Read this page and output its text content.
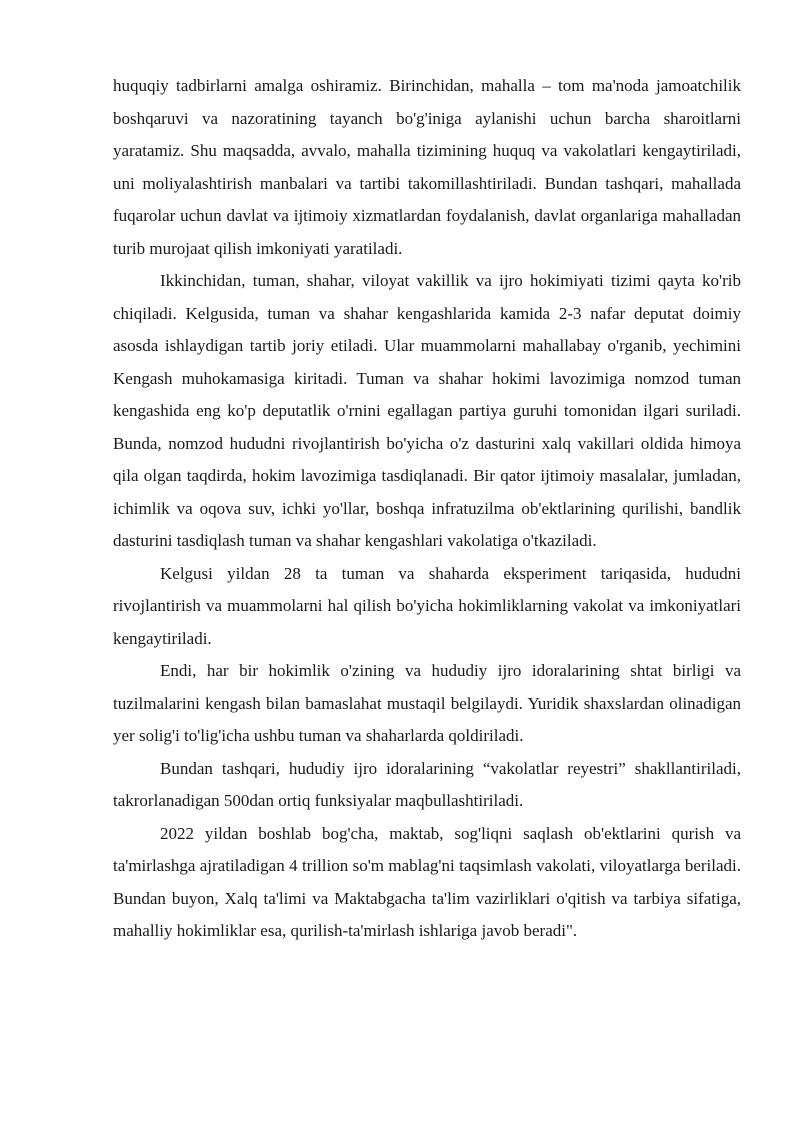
huquqiy tadbirlarni amalga oshiramiz. Birinchidan, mahalla – tom ma'noda jamoatchilik boshqaruvi va nazoratining tayanch bo'g'iniga aylanishi uchun barcha sharoitlarni yaratamiz. Shu maqsadda, avvalo, mahalla tizimining huquq va vakolatlari kengaytiriladi, uni moliyalashtirish manbalari va tartibi takomillashtiriladi. Bundan tashqari, mahallada fuqarolar uchun davlat va ijtimoiy xizmatlardan foydalanish, davlat organlariga mahalladan turib murojaat qilish imkoniyati yaratiladi.

Ikkinchidan, tuman, shahar, viloyat vakillik va ijro hokimiyati tizimi qayta ko'rib chiqiladi. Kelgusida, tuman va shahar kengashlarida kamida 2-3 nafar deputat doimiy asosda ishlaydigan tartib joriy etiladi. Ular muammolarni mahallabay o'rganib, yechimini Kengash muhokamasiga kiritadi. Tuman va shahar hokimi lavozimiga nomzod tuman kengashida eng ko'p deputatlik o'rnini egallagan partiya guruhi tomonidan ilgari suriladi. Bunda, nomzod hududni rivojlantirish bo'yicha o'z dasturini xalq vakillari oldida himoya qila olgan taqdirda, hokim lavozimiga tasdiqlanadi. Bir qator ijtimoiy masalalar, jumladan, ichimlik va oqova suv, ichki yo'llar, boshqa infratuzilma ob'ektlarining qurilishi, bandlik dasturini tasdiqlash tuman va shahar kengashlari vakolatiga o'tkaziladi.

Kelgusi yildan 28 ta tuman va shaharda eksperiment tariqasida, hududni rivojlantirish va muammolarni hal qilish bo'yicha hokimliklarning vakolat va imkoniyatlari kengaytiriladi.

Endi, har bir hokimlik o'zining va hududiy ijro idoralarining shtat birligi va tuzilmalarini kengash bilan bamaslahat mustaqil belgilaydi. Yuridik shaxslardan olinadigan yer solig'i to'lig'icha ushbu tuman va shaharlarda qoldiriladi.

Bundan tashqari, hududiy ijro idoralarining “vakolatlar reyestri” shakllantiriladi, takrorlanadigan 500dan ortiq funksiyalar maqbullashtiriladi.

2022 yildan boshlab bog'cha, maktab, sog'liqni saqlash ob'ektlarini qurish va ta'mirlashga ajratiladigan 4 trillion so'm mablag'ni taqsimlash vakolati, viloyatlarga beriladi. Bundan buyon, Xalq ta'limi va Maktabgacha ta'lim vazirliklari o'qitish va tarbiya sifatiga, mahalliy hokimliklar esa, qurilish-ta'mirlash ishlariga javob beradi".
